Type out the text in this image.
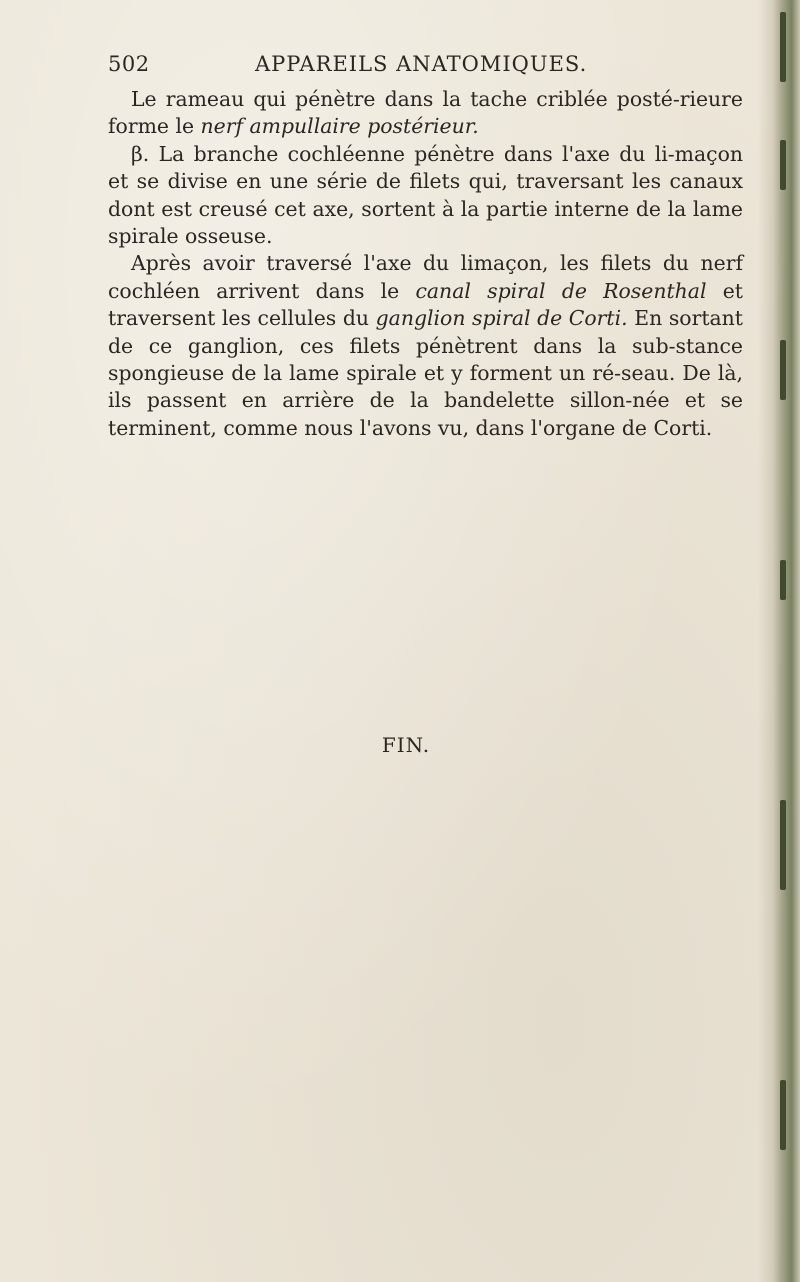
502	APPAREILS ANATOMIQUES.

Le rameau qui pénètre dans la tache criblée posté-rieure forme le nerf ampullaire postérieur.

β. La branche cochléenne pénètre dans l'axe du li-maçon et se divise en une série de filets qui, traversant les canaux dont est creusé cet axe, sortent à la partie interne de la lame spirale osseuse.

Après avoir traversé l'axe du limaçon, les filets du nerf cochléen arrivent dans le canal spiral de Rosenthal et traversent les cellules du ganglion spiral de Corti. En sortant de ce ganglion, ces filets pénètrent dans la sub-stance spongieuse de la lame spirale et y forment un ré-seau. De là, ils passent en arrière de la bandelette sillon-née et se terminent, comme nous l'avons vu, dans l'organe de Corti.

FIN.
